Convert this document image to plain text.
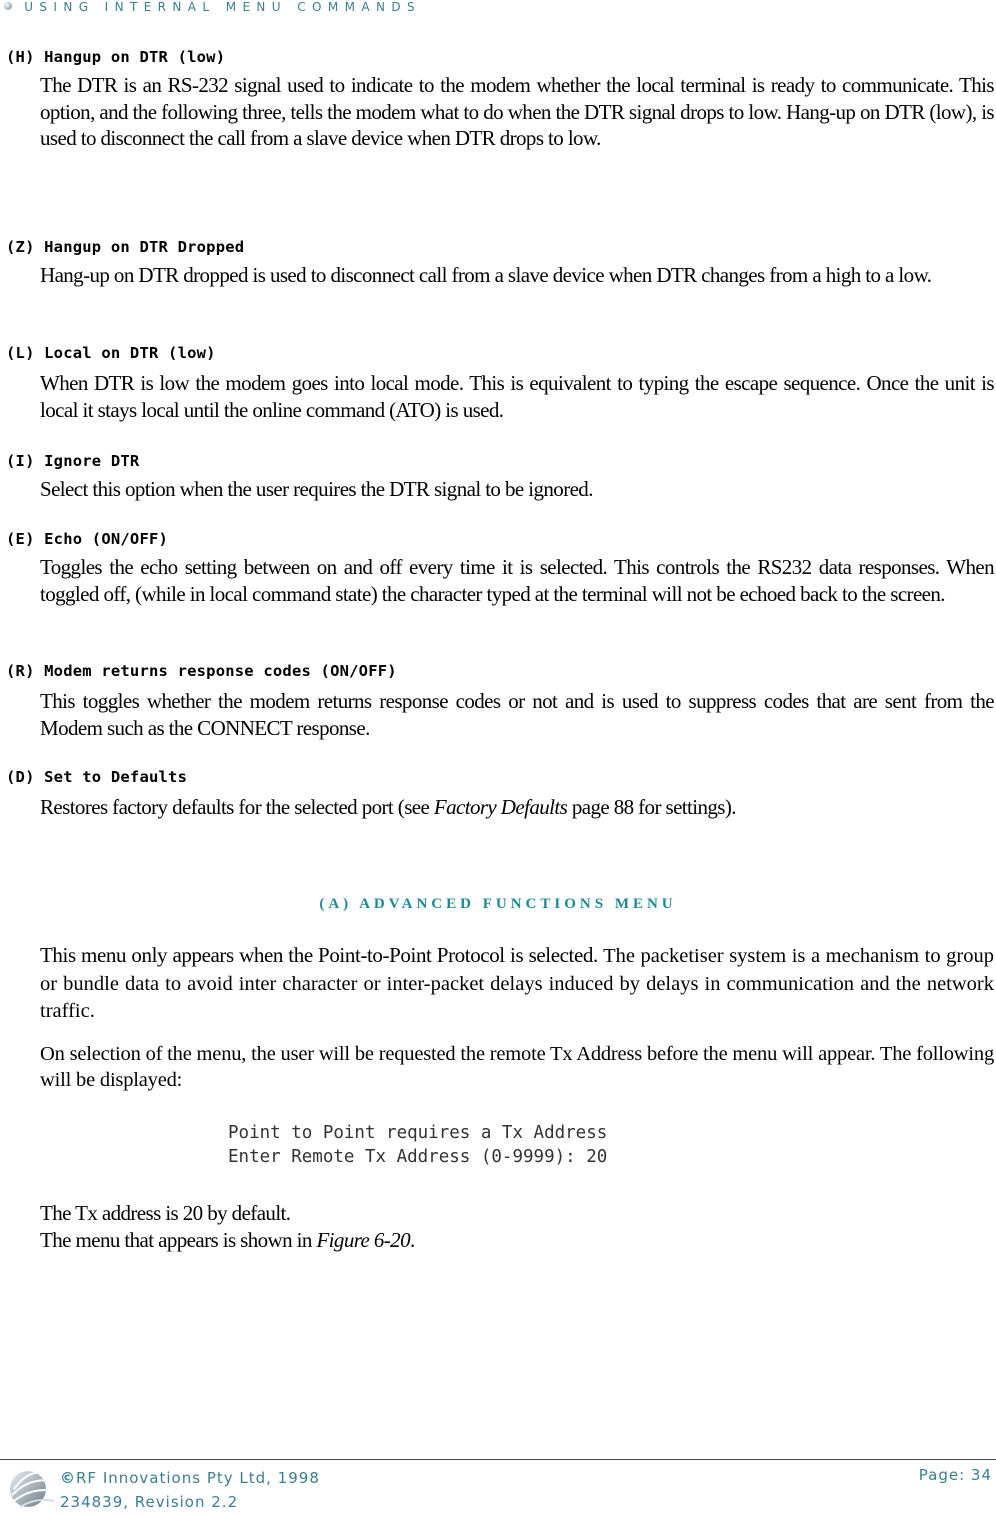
USING INTERNAL MENU COMMANDS
(H) Hangup on DTR (low)
The DTR is an RS-232 signal used to indicate to the modem whether the local terminal is ready to communicate. This option, and the following three, tells the modem what to do when the DTR signal drops to low. Hang-up on DTR (low), is used to disconnect the call from a slave device when DTR drops to low.
(Z) Hangup on DTR Dropped
Hang-up on DTR dropped is used to disconnect call from a slave device when DTR changes from a high to a low.
(L) Local on DTR (low)
When DTR is low the modem goes into local mode. This is equivalent to typing the escape sequence. Once the unit is local it stays local until the online command (ATO) is used.
(I) Ignore DTR
Select this option when the user requires the DTR signal to be ignored.
(E) Echo (ON/OFF)
Toggles the echo setting between on and off every time it is selected. This controls the RS232 data responses. When toggled off, (while in local command state) the character typed at the terminal will not be echoed back to the screen.
(R) Modem returns response codes (ON/OFF)
This toggles whether the modem returns response codes or not and is used to suppress codes that are sent from the Modem such as the CONNECT response.
(D) Set to Defaults
Restores factory defaults for the selected port (see Factory Defaults page 88 for settings).
(A) ADVANCED FUNCTIONS MENU
This menu only appears when the Point-to-Point Protocol is selected. The packetiser system is a mechanism to group or bundle data to avoid inter character or inter-packet delays induced by delays in communication and the network traffic.
On selection of the menu, the user will be requested the remote Tx Address before the menu will appear. The following will be displayed:
Point to Point requires a Tx Address
Enter Remote Tx Address (0-9999): 20
The Tx address is 20 by default.
The menu that appears is shown in Figure 6-20.
©RF Innovations Pty Ltd, 1998
234839, Revision 2.2
Page: 34
